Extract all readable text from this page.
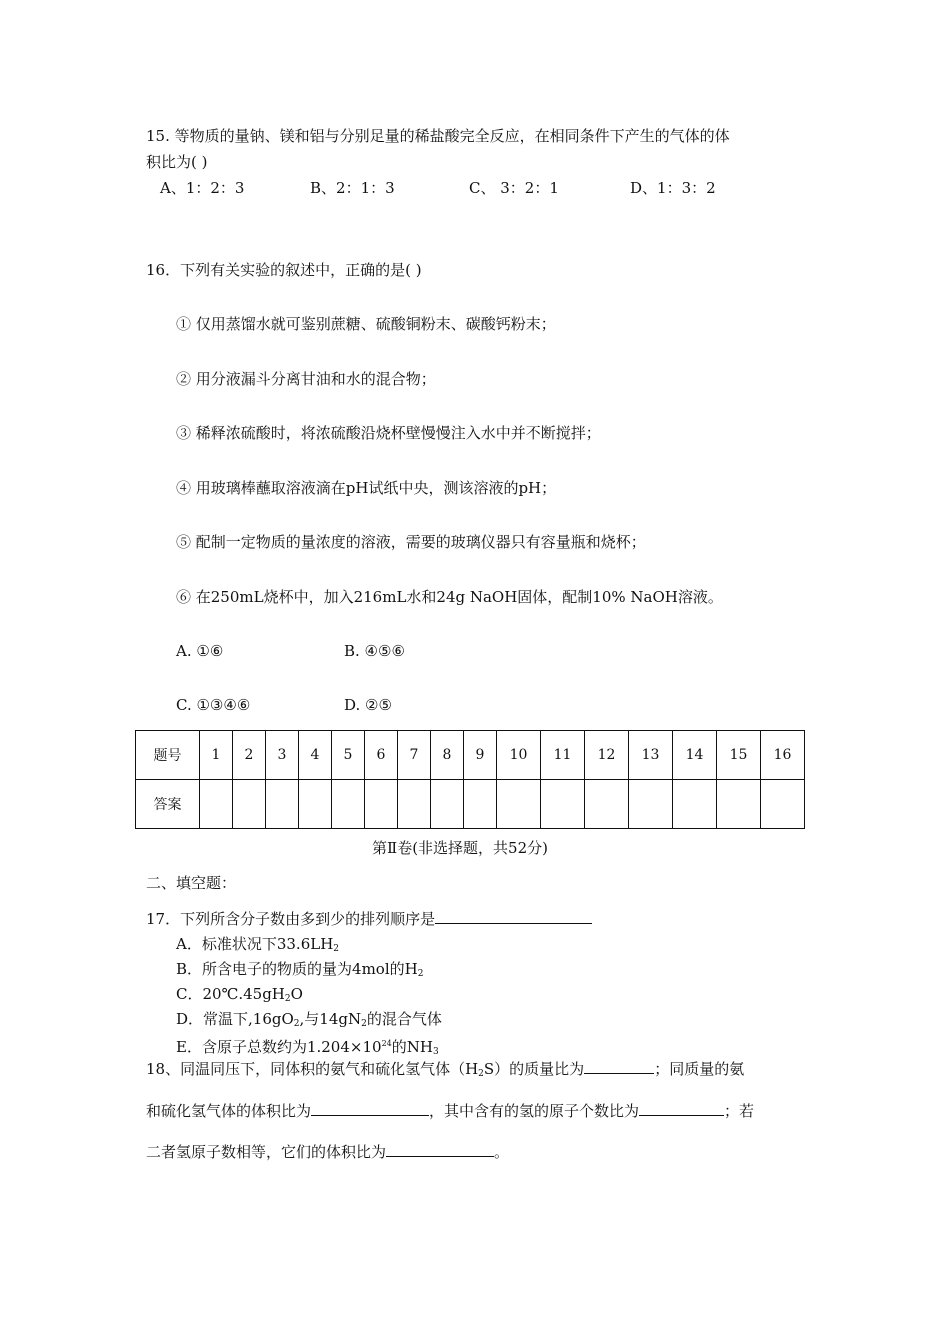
15. 等物质的量钠、镁和铝与分别足量的稀盐酸完全反应，在相同条件下产生的气体的体
积比为( )
A、1：2：3	B、2：1：3	C、 3：2：1	D、1：3：2
16．下列有关实验的叙述中，正确的是( )
① 仅用蒸馏水就可鉴别蔗糖、硫酸铜粉末、碳酸钙粉末；
② 用分液漏斗分离甘油和水的混合物；
③ 稀释浓硫酸时，将浓硫酸沿烧杯壁慢慢注入水中并不断搅拌；
④ 用玻璃棒蘸取溶液滴在pH试纸中央，测该溶液的pH；
⑤ 配制一定物质的量浓度的溶液，需要的玻璃仪器只有容量瓶和烧杯；
⑥ 在250mL烧杯中，加入216mL水和24g NaOH固体，配制10% NaOH溶液。
A. ①⑥	B. ④⑤⑥
C. ①③④⑥	D. ②⑤
题号	1	2	3	4	5	6	7	8	9	10	11	12	13	14	15	16
答案																
第Ⅱ卷(非选择题，共52分)
二、填空题：
17．下列所含分子数由多到少的排列顺序是
A．标准状况下$33.6LH_2$
B．所含电子的物质的量为4mol的$H_2$
C．$20℃.45gH_2O$
D．常温下$,16gO_2$,与$14gN_2$的混合气体
E．含原子总数约为$1.204\times 10^{24}$的$NH_3$
18、同温同压下，同体积的氨气和硫化氢气体$(H_2S)$的质量比为	；同质量的氨
和硫化氢气体的体积比为	，其中含有的氢的原子个数比为	；若
二者氢原子数相等，它们的体积比为	。
